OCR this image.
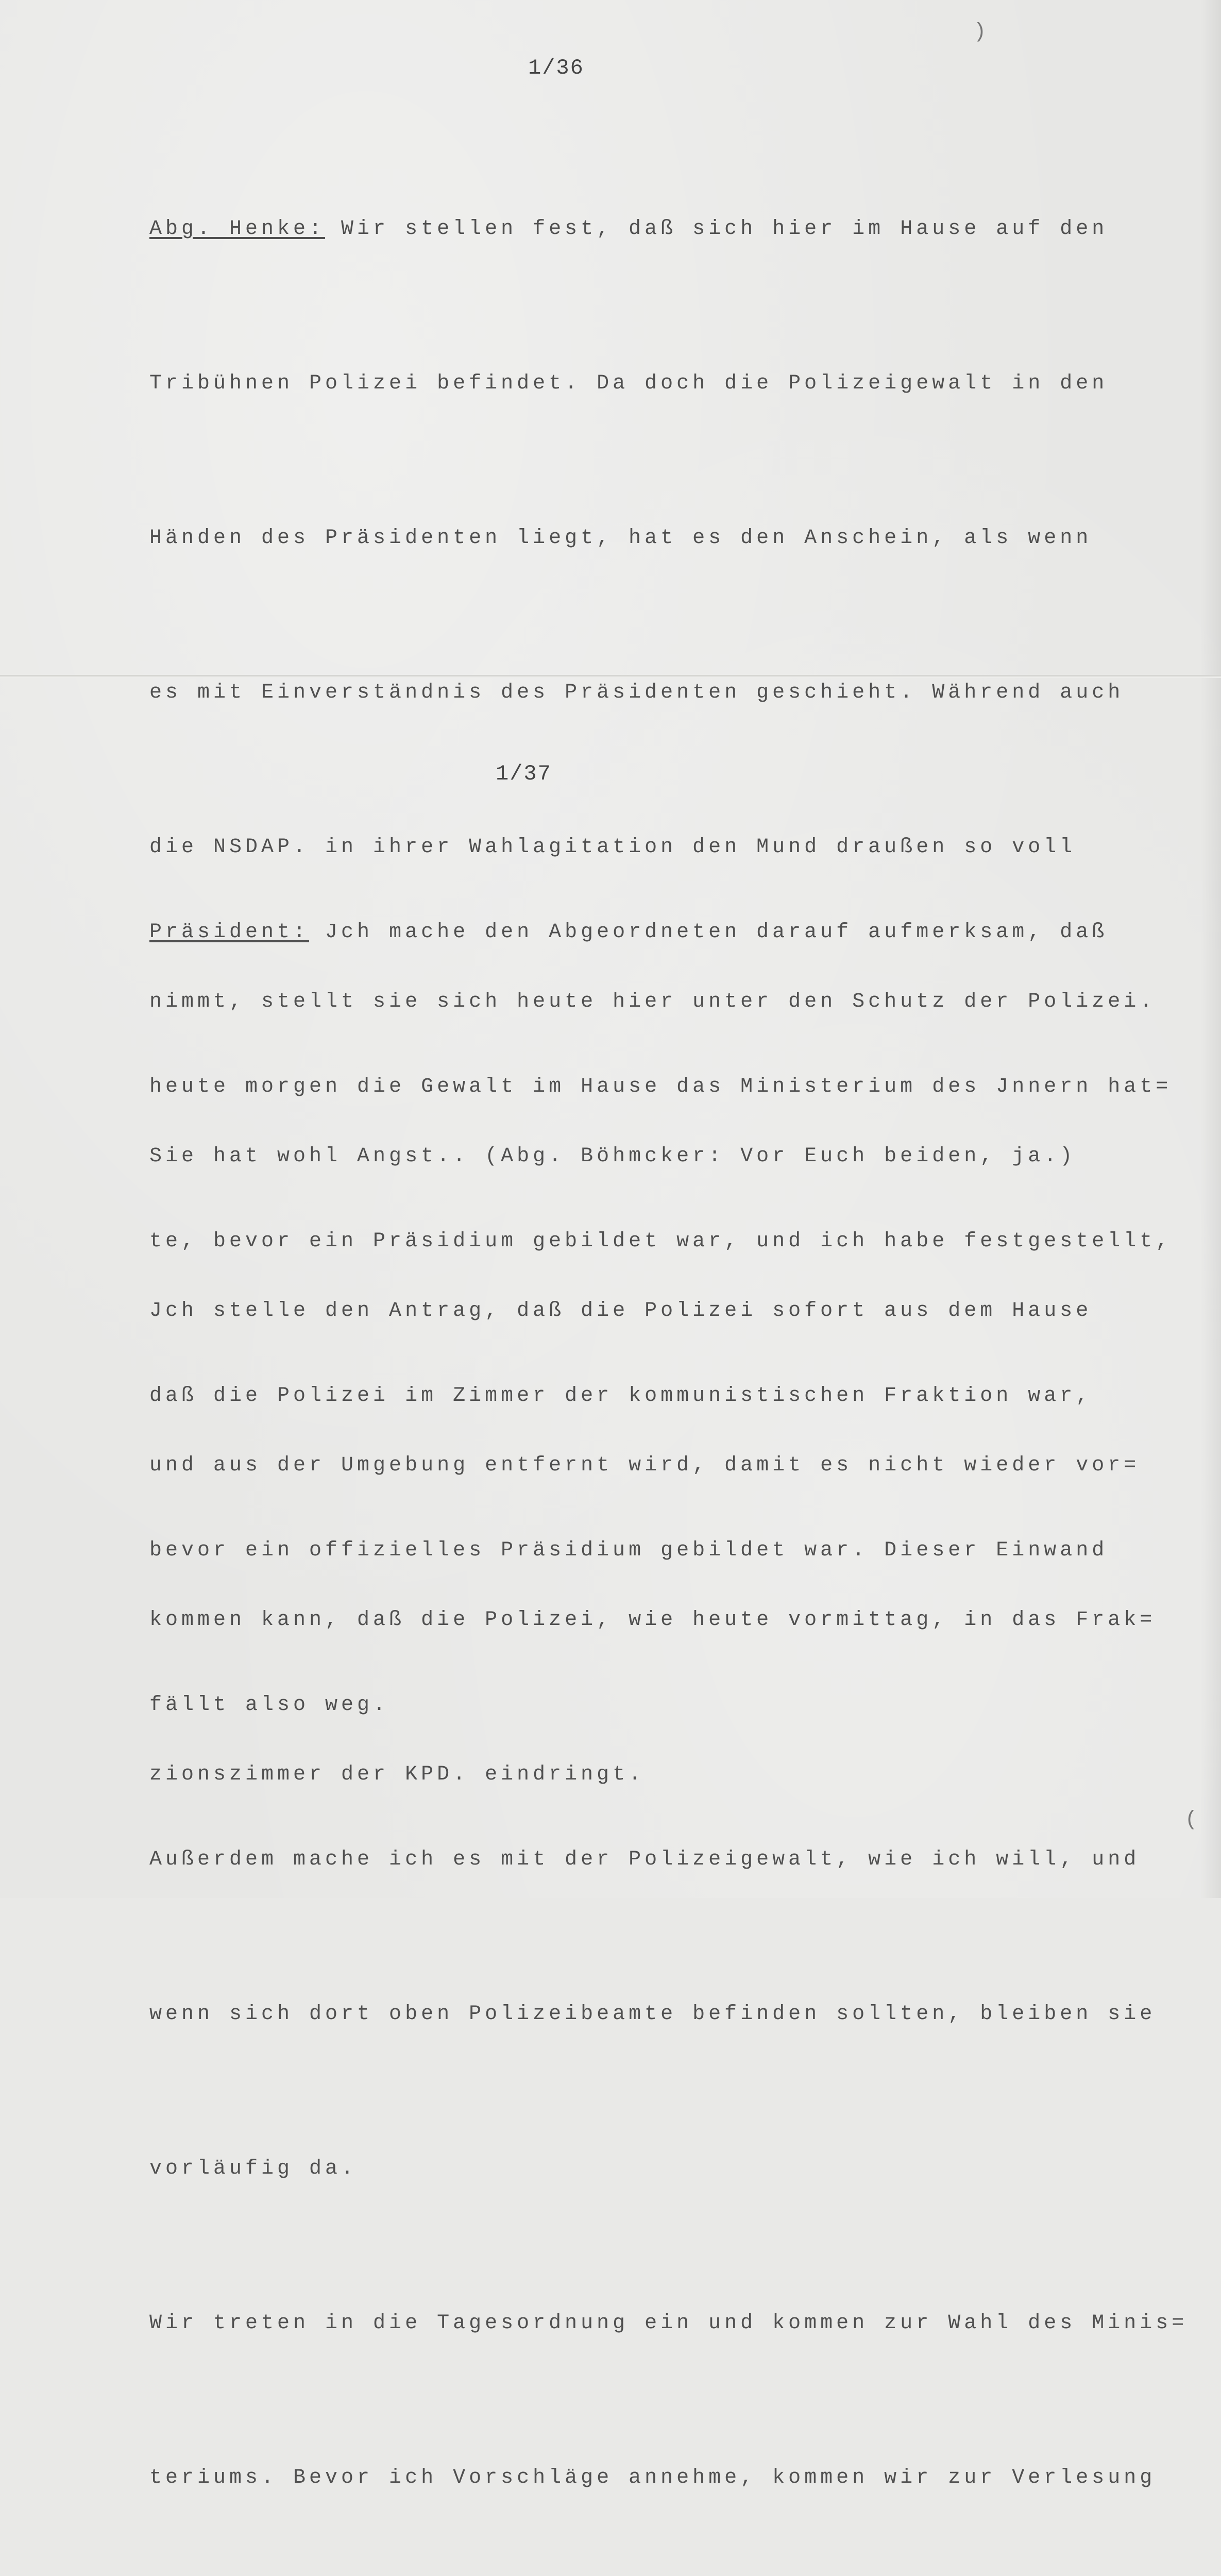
)
(
1/36

Abg. Henke: Wir stellen fest, daß sich hier im Hause auf den

Tribühnen Polizei befindet. Da doch die Polizeigewalt in den

Händen des Präsidenten liegt, hat es den Anschein, als wenn

es mit Einverständnis des Präsidenten geschieht. Während auch

die NSDAP. in ihrer Wahlagitation den Mund draußen so voll

nimmt, stellt sie sich heute hier unter den Schutz der Polizei.

Sie hat wohl Angst.. (Abg. Böhmcker: Vor Euch beiden, ja.)

Jch stelle den Antrag, daß die Polizei sofort aus dem Hause

und aus der Umgebung entfernt wird, damit es nicht wieder vor=

kommen kann, daß die Polizei, wie heute vormittag, in das Frak=

zionszimmer der KPD. eindringt.

1/37

Präsident: Jch mache den Abgeordneten darauf aufmerksam, daß

heute morgen die Gewalt im Hause das Ministerium des Jnnern hat=

te, bevor ein Präsidium gebildet war, und ich habe festgestellt,

daß die Polizei im Zimmer der kommunistischen Fraktion war,

bevor ein offizielles Präsidium gebildet war. Dieser Einwand

fällt also weg.

Außerdem mache ich es mit der Polizeigewalt, wie ich will, und

wenn sich dort oben Polizeibeamte befinden sollten, bleiben sie

vorläufig da.

Wir treten in die Tagesordnung ein und kommen zur Wahl des Minis=

teriums. Bevor ich Vorschläge annehme, kommen wir zur Verlesung
